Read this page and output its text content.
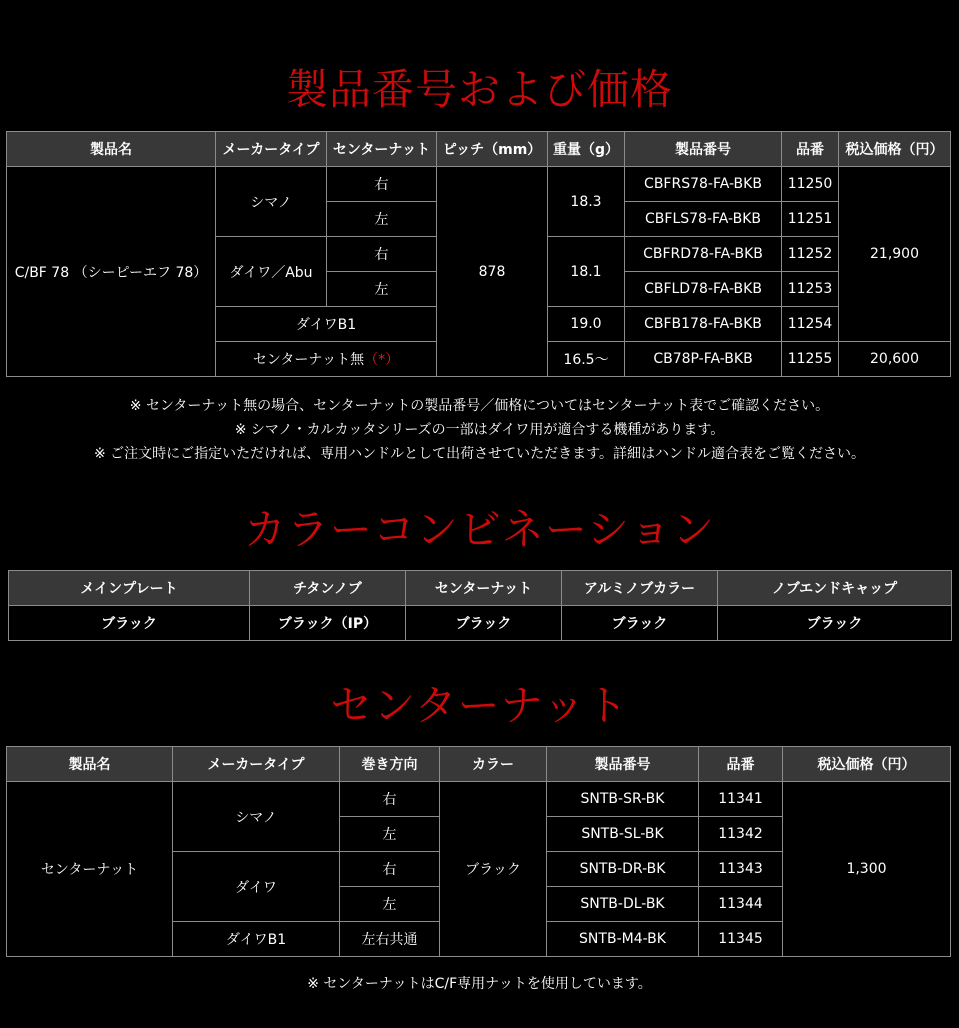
製品番号および価格
製品名	メーカータイプ	センターナット	ピッチ（mm）	重量（g）	製品番号	品番	税込価格（円）
C/BF 78 （シーピーエフ 78）	シマノ	右	878	18.3	CBFRS78-FA-BKB	11250	21,900
		左			CBFLS78-FA-BKB	11251	
	ダイワ／Abu	右		18.1	CBFRD78-FA-BKB	11252	
		左			CBFLD78-FA-BKB	11253	
	ダイワB1			19.0	CBFB178-FA-BKB	11254	
	センターナット無（*）			16.5～	CB78P-FA-BKB	11255	20,600
※ センターナット無の場合、センターナットの製品番号／価格についてはセンターナット表でご確認ください。
※ シマノ・カルカッタシリーズの一部はダイワ用が適合する機種があります。
※ ご注文時にご指定いただければ、専用ハンドルとして出荷させていただきます。詳細はハンドル適合表をご覧ください。
カラーコンビネーション
メインプレート	チタンノブ	センターナット	アルミノブカラー	ノブエンドキャップ
ブラック	ブラック（IP）	ブラック	ブラック	ブラック
センターナット
製品名	メーカータイプ	巻き方向	カラー	製品番号	品番	税込価格（円）
センターナット	シマノ	右	ブラック	SNTB-SR-BK	11341	1,300
		左		SNTB-SL-BK	11342	
	ダイワ	右		SNTB-DR-BK	11343	
		左		SNTB-DL-BK	11344	
	ダイワB1	左右共通		SNTB-M4-BK	11345	
※ センターナットはC/F専用ナットを使用しています。
